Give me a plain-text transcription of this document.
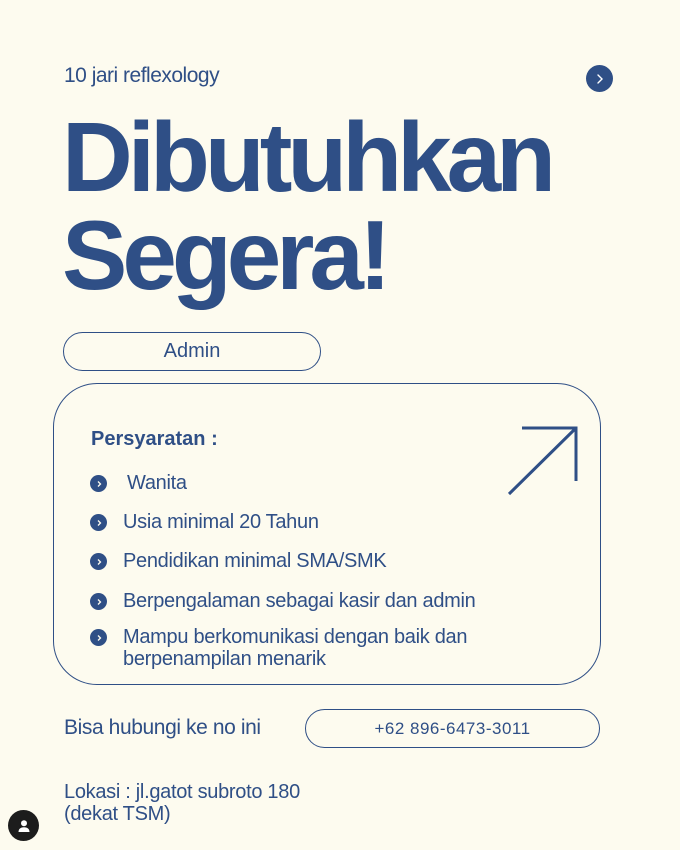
10 jari reflexology
Dibutuhkan
Segera!
Admin
Persyaratan :
Wanita
Usia minimal 20 Tahun
Pendidikan minimal SMA/SMK
Berpengalaman sebagai kasir dan admin
Mampu berkomunikasi dengan baik dan berpenampilan menarik
Bisa hubungi ke no ini	+62 896-6473-3011
Lokasi : jl.gatot subroto 180 (dekat TSM)
